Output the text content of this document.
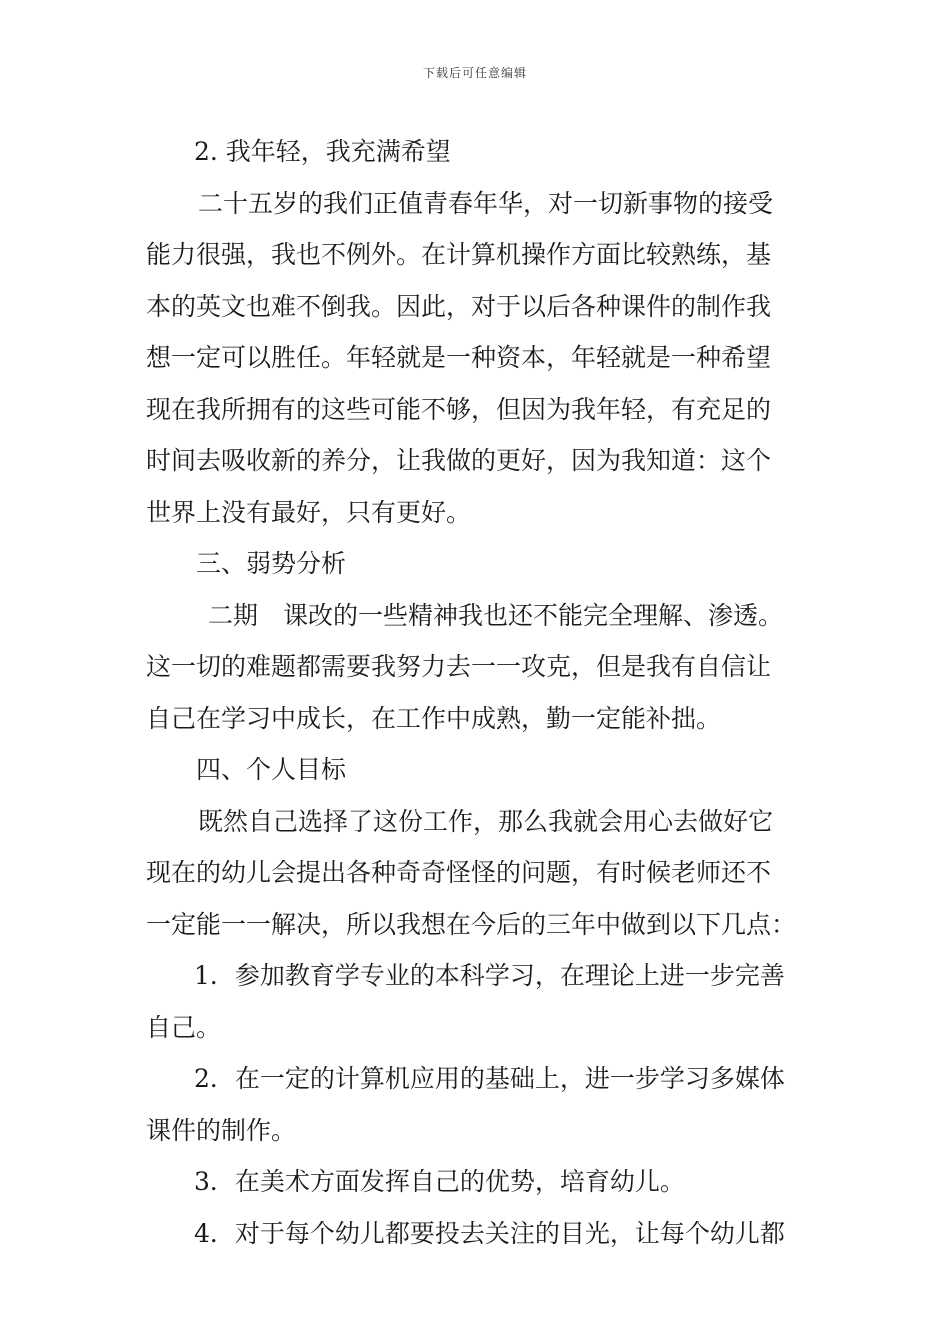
下载后可任意编辑
2. 我年轻，我充满希望
二十五岁的我们正值青春年华，对一切新事物的接受
能力很强，我也不例外。在计算机操作方面比较熟练，基
本的英文也难不倒我。因此，对于以后各种课件的制作我
想一定可以胜任。年轻就是一种资本，年轻就是一种希望
现在我所拥有的这些可能不够，但因为我年轻，有充足的
时间去吸收新的养分，让我做的更好，因为我知道：这个
世界上没有最好，只有更好。
三、弱势分析
二期　课改的一些精神我也还不能完全理解、渗透。
这一切的难题都需要我努力去一一攻克，但是我有自信让
自己在学习中成长，在工作中成熟，勤一定能补拙。
四、个人目标
既然自己选择了这份工作，那么我就会用心去做好它
现在的幼儿会提出各种奇奇怪怪的问题，有时候老师还不
一定能一一解决，所以我想在今后的三年中做到以下几点：
1．参加教育学专业的本科学习，在理论上进一步完善
自己。
2．在一定的计算机应用的基础上，进一步学习多媒体
课件的制作。
3．在美术方面发挥自己的优势，培育幼儿。
4．对于每个幼儿都要投去关注的目光，让每个幼儿都
